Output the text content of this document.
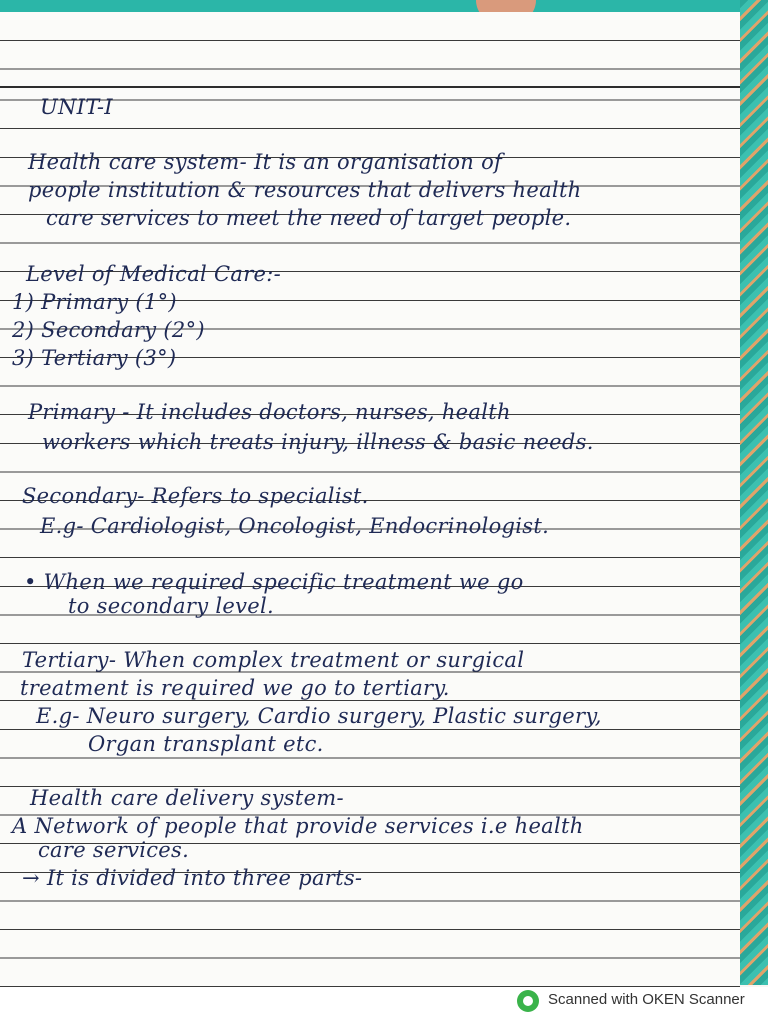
UNIT-I

Health care system- It is an organisation of

people institution & resources that delivers health

care services to meet the need of target people.

Level of Medical Care:-

1) Primary (1°)

2) Secondary (2°)

3) Tertiary (3°)

Primary - It includes doctors, nurses, health

workers which treats injury, illness & basic needs.

Secondary- Refers to specialist.

E.g- Cardiologist, Oncologist, Endocrinologist.

• When we required specific treatment we go

to secondary level.

Tertiary- When complex treatment or surgical

treatment is required we go to tertiary.

E.g- Neuro surgery, Cardio surgery, Plastic surgery,

Organ transplant etc.

Health care delivery system-

A Network of people that provide services i.e health

care services.

→ It is divided into three parts-

Scanned with OKEN Scanner
